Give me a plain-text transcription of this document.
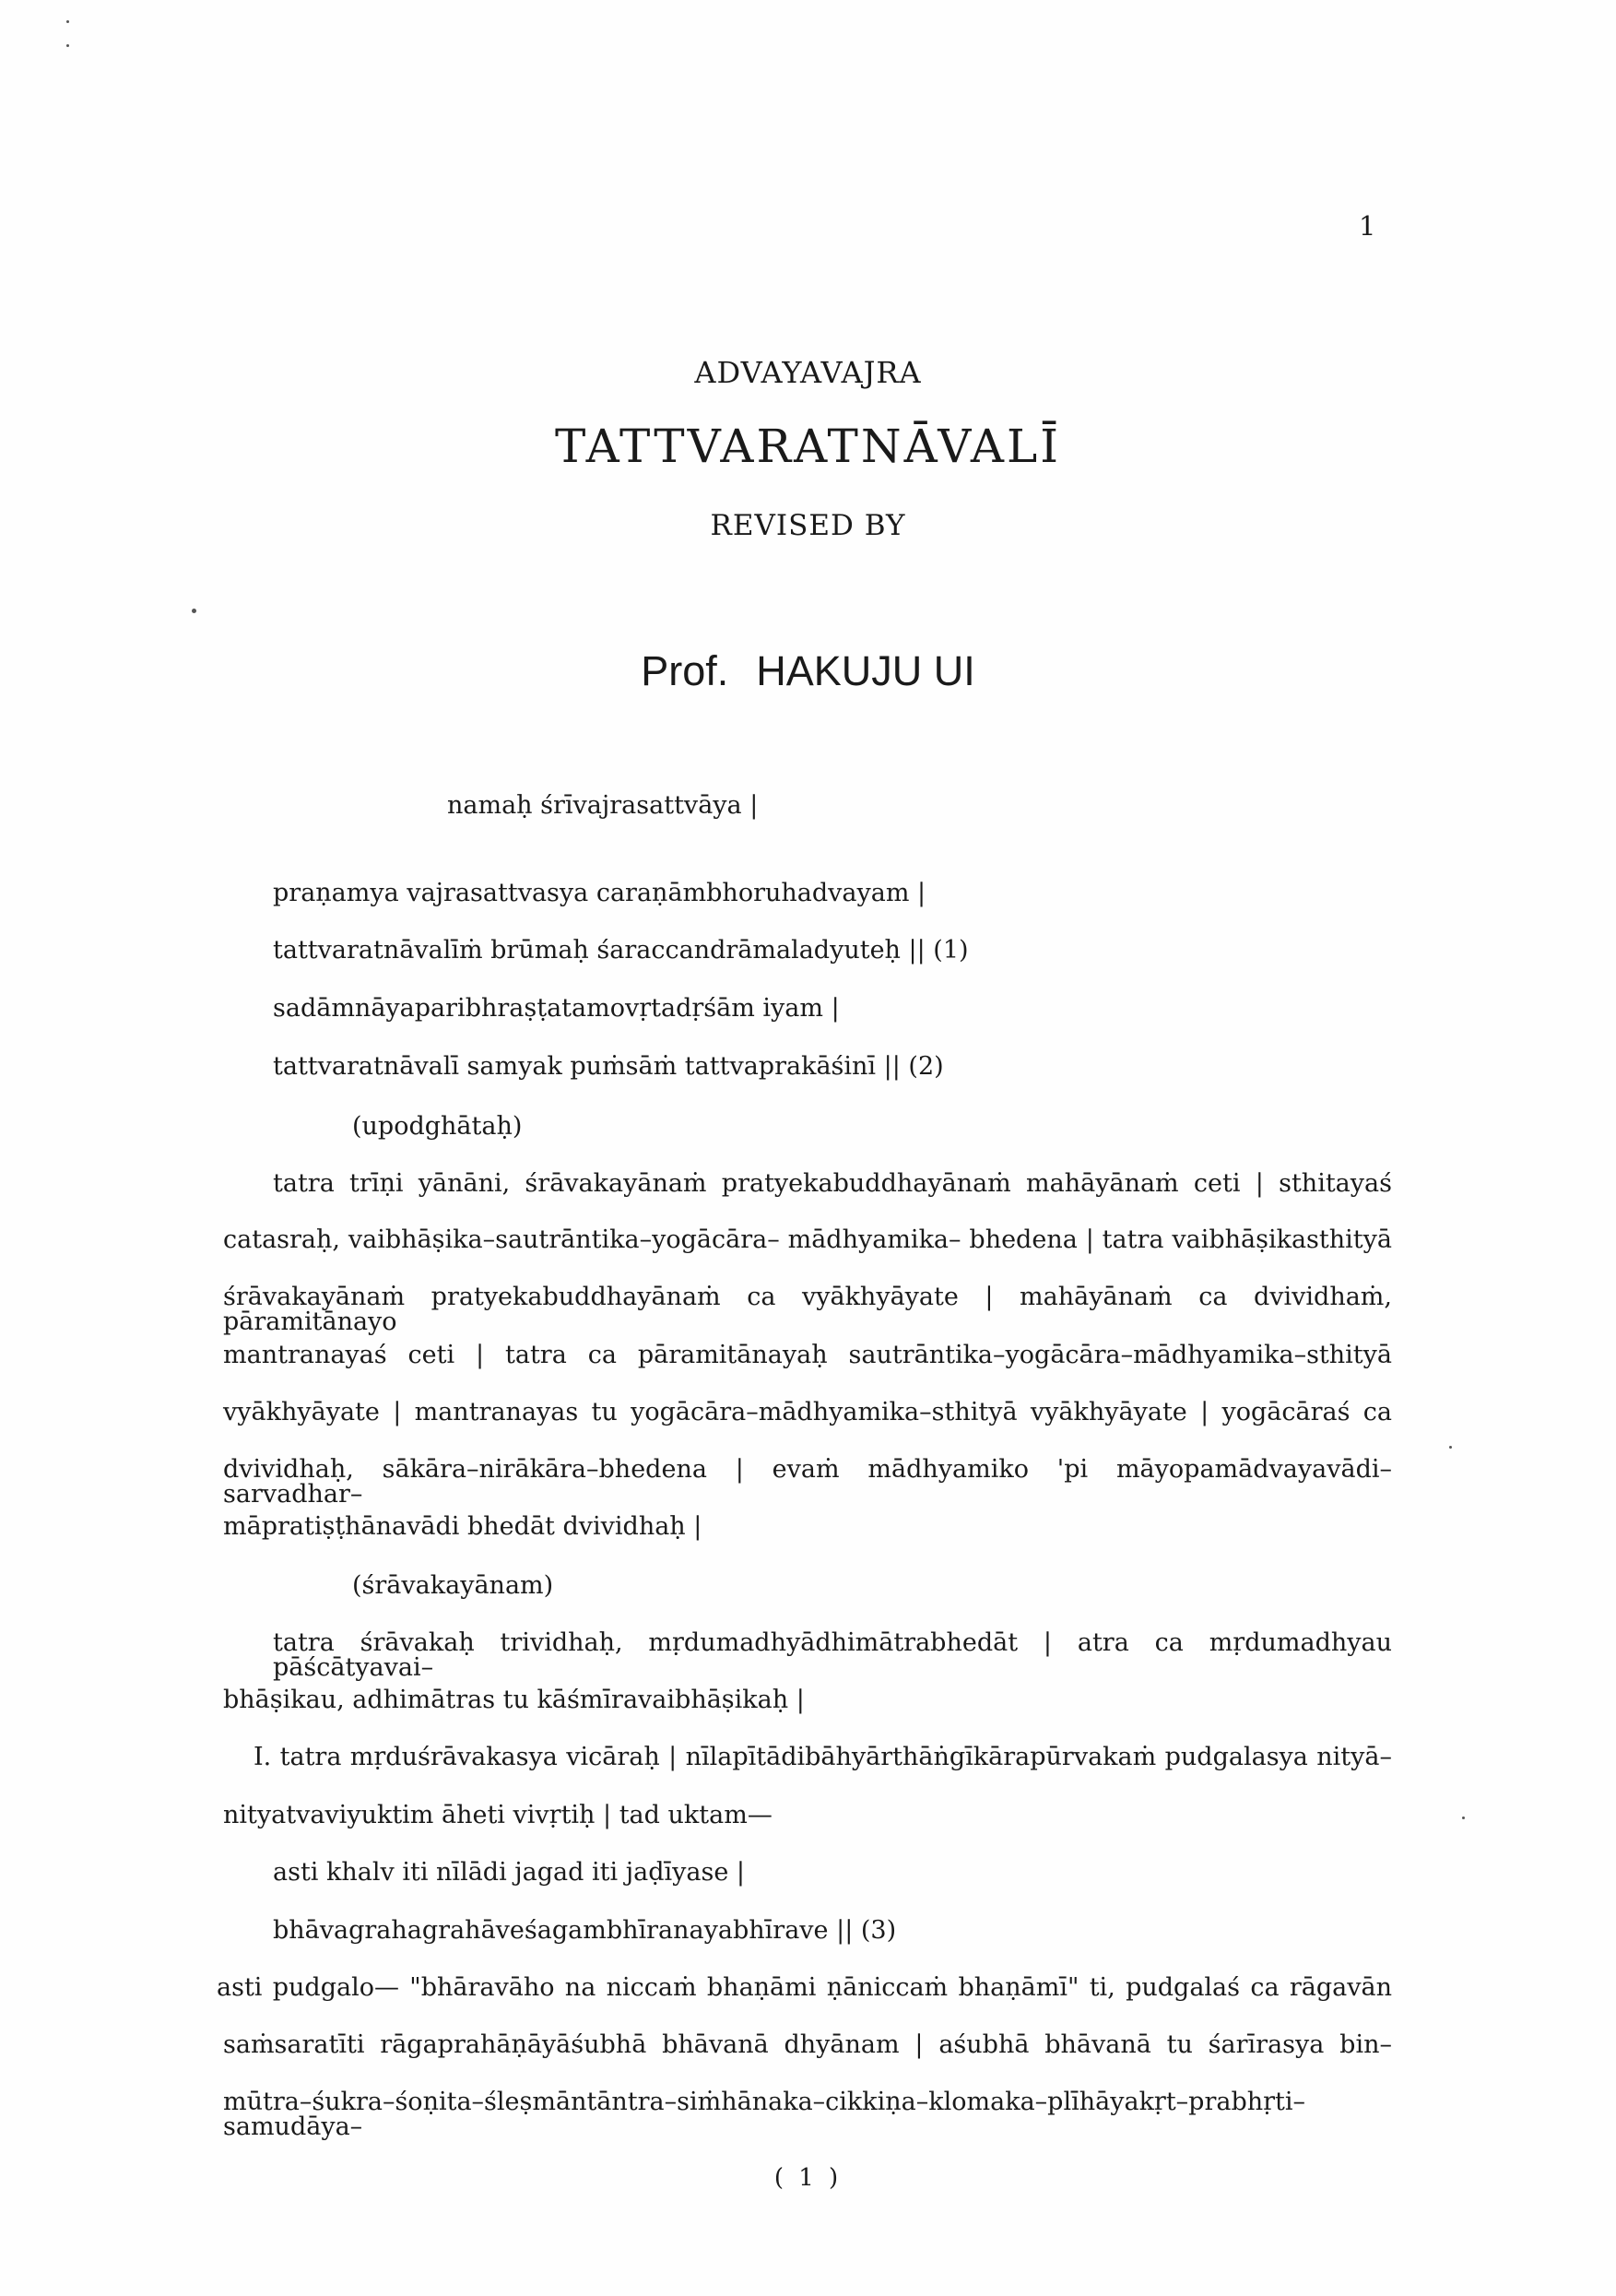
1
ADVAYAVAJRA
TATTVARATNĀVALĪ
REVISED BY
Prof. HAKUJU UI
namaḥ śrīvajrasattvāya |
praṇamya vajrasattvasya caraṇāmbhoruhadvayam |
tattvaratnāvalīṁ brūmaḥ śaraccandrāmaladyuteḥ || (1)
sadāmnāyaparibhraṣṭatamovṛtadṛśām iyam |
tattvaratnāvalī samyak puṁsāṁ tattvaprakāśinī || (2)
(upodghātaḥ)
tatra trīṇi yānāni, śrāvakayānaṁ pratyekabuddhayānaṁ mahāyānaṁ ceti | sthitayaś
catasraḥ, vaibhāṣika–sautrāntika–yogācāra– mādhyamika– bhedena | tatra vaibhāṣikasthityā
śrāvakayānaṁ pratyekabuddhayānaṁ ca vyākhyāyate | mahāyānaṁ ca dvividhaṁ, pāramitānayo
mantranayaś ceti | tatra ca pāramitānayaḥ sautrāntika–yogācāra–mādhyamika–sthityā
vyākhyāyate | mantranayas tu yogācāra–mādhyamika–sthityā vyākhyāyate | yogācāraś ca
dvividhaḥ, sākāra–nirākāra–bhedena | evaṁ mādhyamiko 'pi māyopamādvayavādi–sarvadhar–
māpratiṣṭhānavādi bhedāt dvividhaḥ |
(śrāvakayānam)
tatra śrāvakaḥ trividhaḥ, mṛdumadhyādhimātrabhedāt | atra ca mṛdumadhyau pāścātyavai–
bhāṣikau, adhimātras tu kāśmīravaibhāṣikaḥ |
I. tatra mṛduśrāvakasya vicāraḥ | nīlapītādibāhyārthāṅgīkārapūrvakaṁ pudgalasya nityā–
nityatvaviyuktim āheti vivṛtiḥ | tad uktam—
asti khalv iti nīlādi jagad iti jaḍīyase |
bhāvagrahagrahāveśagambhīranayabhīrave || (3)
asti pudgalo— "bhāravāho na niccaṁ bhaṇāmi ṇāniccaṁ bhaṇāmī" ti, pudgalaś ca rāgavān
saṁsaratīti rāgaprahāṇāyāśubhā bhāvanā dhyānam | aśubhā bhāvanā tu śarīrasya bin–
mūtra–śukra–śoṇita–śleṣmāntāntra–siṁhānaka–cikkiṇa–klomaka–plīhāyakṛt–prabhṛti–samudāya–
( 1 )
